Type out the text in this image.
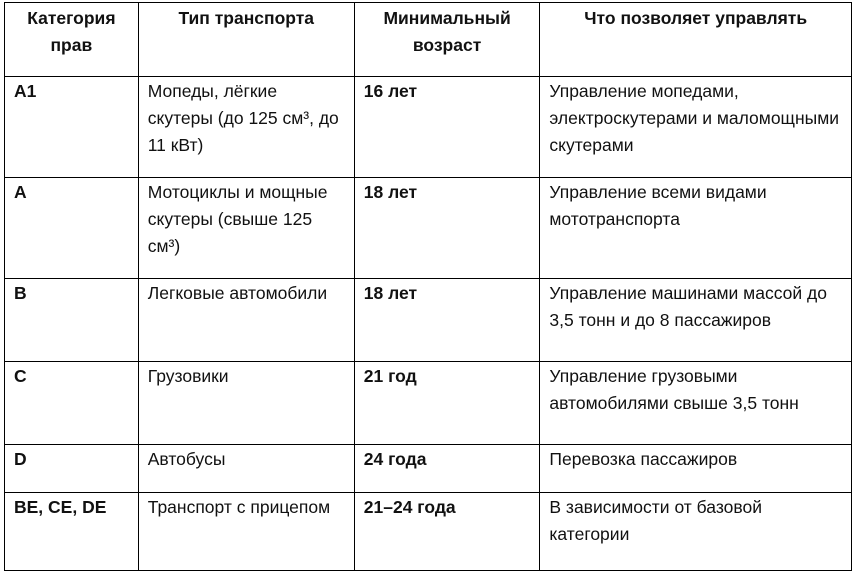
Категория прав	Тип транспорта	Минимальный возраст	Что позволяет управлять
A1	Мопеды, лёгкие скутеры (до 125 см³, до 11 кВт)	16 лет	Управление мопедами, электроскутерами и маломощными скутерами
A	Мотоциклы и мощные скутеры (свыше 125 см³)	18 лет	Управление всеми видами мототранспорта
B	Легковые автомобили	18 лет	Управление машинами массой до 3,5 тонн и до 8 пассажиров
C	Грузовики	21 год	Управление грузовыми автомобилями свыше 3,5 тонн
D	Автобусы	24 года	Перевозка пассажиров
BE, CE, DE	Транспорт с прицепом	21–24 года	В зависимости от базовой категории
